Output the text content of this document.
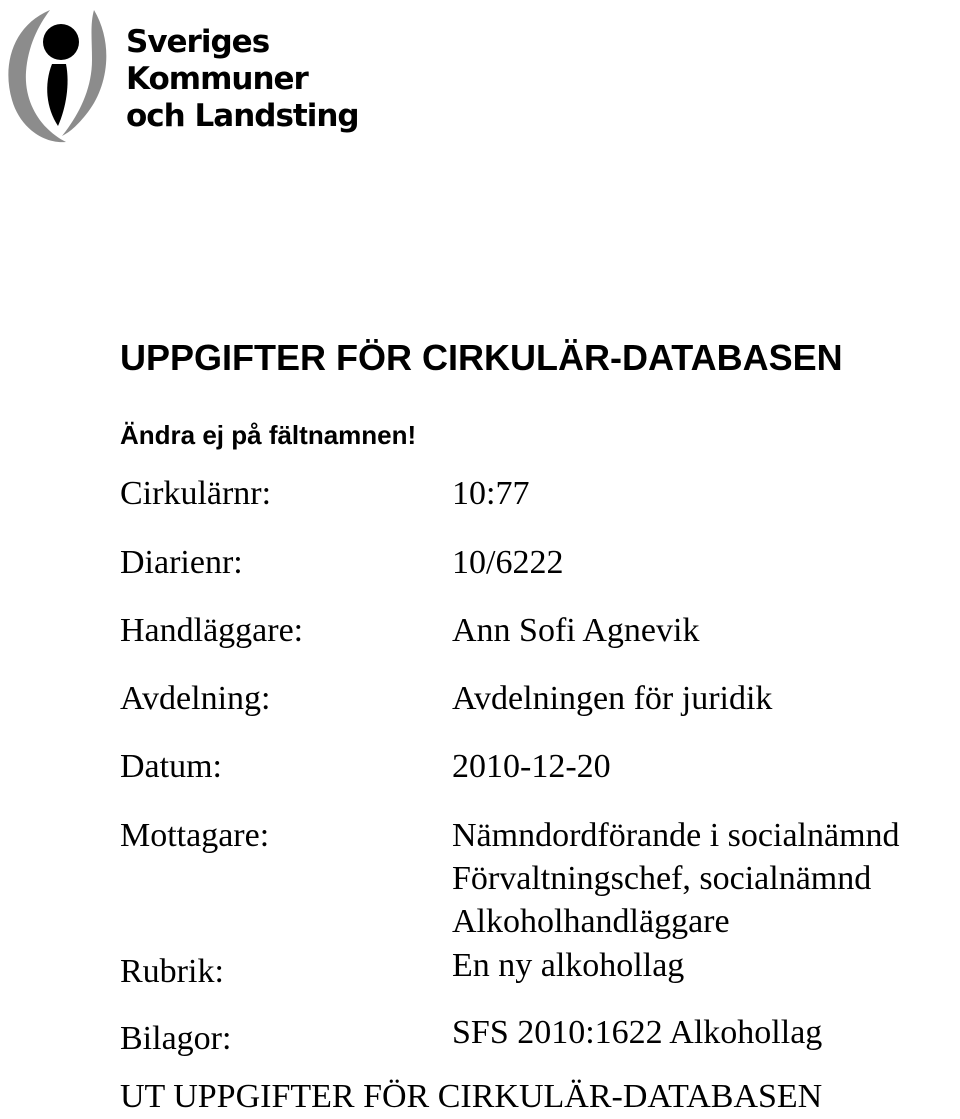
Sveriges
Kommuner
och Landsting
UPPGIFTER FÖR CIRKULÄR-DATABASEN
Ändra ej på fältnamnen!
Cirkulärnr:	10:77
Diarienr:	10/6222
Handläggare:	Ann Sofi Agnevik
Avdelning:	Avdelningen för juridik
Datum:	2010-12-20
Mottagare:	Nämndordförande i socialnämnd
Förvaltningschef, socialnämnd
Alkoholhandläggare
Rubrik:	En ny alkohollag
Bilagor:	SFS 2010:1622 Alkohollag
UT UPPGIFTER FÖR CIRKULÄR-DATABASEN
